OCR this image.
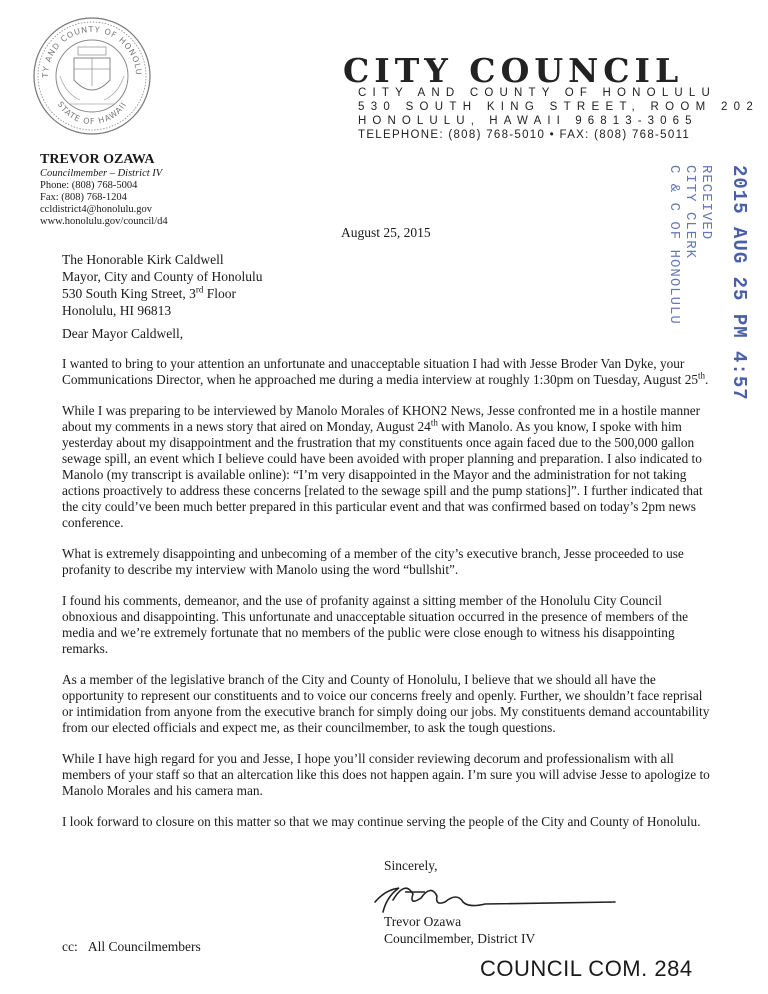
TY AND COUNTY OF HONOLU
STATE OF HAWAII
CITY COUNCIL
CITY AND COUNTY OF HONOLULU
530 SOUTH KING STREET, ROOM 202
HONOLULU, HAWAII 96813-3065
TELEPHONE: (808) 768-5010 • FAX: (808) 768-5011
TREVOR OZAWA
Councilmember – District IV
Phone: (808) 768-5004
Fax: (808) 768-1204
ccldistrict4@honolulu.gov
www.honolulu.gov/council/d4	2015 AUG 25 PM 4:57
RECEIVED
CITY CLERK
C & C OF HONOLULU
August 25, 2015
The Honorable Kirk Caldwell
Mayor, City and County of Honolulu
530 South King Street, 3rd Floor
Honolulu, HI 96813
Dear Mayor Caldwell,

I wanted to bring to your attention an unfortunate and unacceptable situation I had with Jesse Broder Van Dyke, your Communications Director, when he approached me during a media interview at roughly 1:30pm on Tuesday, August 25th.

While I was preparing to be interviewed by Manolo Morales of KHON2 News, Jesse confronted me in a hostile manner about my comments in a news story that aired on Monday, August 24th with Manolo. As you know, I spoke with him yesterday about my disappointment and the frustration that my constituents once again faced due to the 500,000 gallon sewage spill, an event which I believe could have been avoided with proper planning and preparation. I also indicated to Manolo (my transcript is available online): “I’m very disappointed in the Mayor and the administration for not taking actions proactively to address these concerns [related to the sewage spill and the pump stations]”. I further indicated that the city could’ve been much better prepared in this particular event and that was confirmed based on today’s 2pm news conference.

What is extremely disappointing and unbecoming of a member of the city’s executive branch, Jesse proceeded to use profanity to describe my interview with Manolo using the word “bullshit”.

I found his comments, demeanor, and the use of profanity against a sitting member of the Honolulu City Council obnoxious and disappointing. This unfortunate and unacceptable situation occurred in the presence of members of the media and we’re extremely fortunate that no members of the public were close enough to witness his disappointing remarks.

As a member of the legislative branch of the City and County of Honolulu, I believe that we should all have the opportunity to represent our constituents and to voice our concerns freely and openly. Further, we shouldn’t face reprisal or intimidation from anyone from the executive branch for simply doing our jobs. My constituents demand accountability from our elected officials and expect me, as their councilmember, to ask the tough questions.

While I have high regard for you and Jesse, I hope you’ll consider reviewing decorum and professionalism with all members of your staff so that an altercation like this does not happen again. I’m sure you will advise Jesse to apologize to Manolo Morales and his camera man.

I look forward to closure on this matter so that we may continue serving the people of the City and County of Honolulu.

Sincerely,
Trevor Ozawa
Councilmember, District IV
cc:   All Councilmembers
COUNCIL COM. 284
